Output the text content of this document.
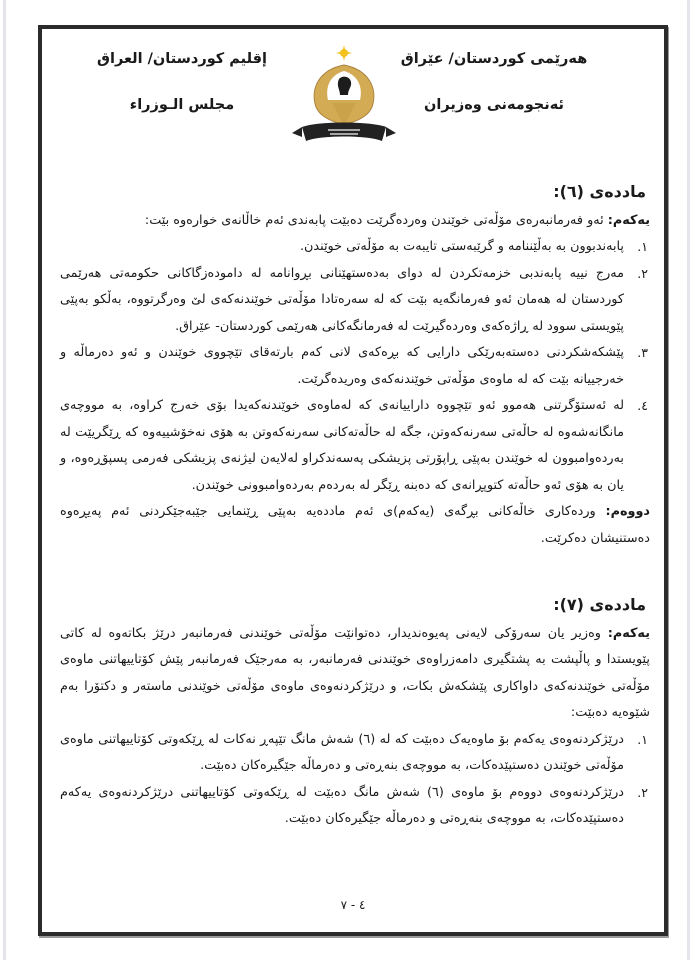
هەرێمی کوردستان/ عێراق
ئەنجومەنی وەزیران
إقليم كوردستان/ العراق
مجلس الـوزراء
ماددەی (٦):

یەکەم: ئەو فەرمانبەرەی مۆڵەتی خوێندن وەردەگرێت دەبێت پابەندی ئەم خاڵانەی خوارەوە بێت:

١.
پابەندبوون بە بەڵێننامە و گرێبەستی تایبەت بە مۆڵەتی خوێندن.
٢.
مەرج نییە پابەندبی خزمەتکردن لە دوای بەدەستهێنانی بڕوانامە لە دامودەزگاکانی حکومەتی هەرێمی کوردستان لە هەمان ئەو فەرمانگەیە بێت کە لە سەرەتادا مۆڵەتی خوێندنەکەی لێ وەرگرتووە، بەڵکو بەپێی پێویستی سوود لە ڕاژەکەی وەردەگیرێت لە فەرمانگەکانی هەرێمی کوردستان- عێراق.
٣.
پێشکەشکردنی دەستەبەرێکی دارایی کە بڕەکەی لانی کەم بارتەقای تێچووی خوێندن و ئەو دەرماڵە و خەرجییانە بێت کە لە ماوەی مۆڵەتی خوێندنەکەی وەریدەگرێت.
٤.
لە ئەستۆگرتنی هەموو ئەو تێچووە داراییانەی کە لەماوەی خوێندنەکەیدا بۆی خەرج کراوە، بە مووچەی مانگانەشەوە لە حاڵەتی سەرنەکەوتن، جگە لە حاڵەتەکانی سەرنەکەوتن بە هۆی نەخۆشییەوە کە ڕێگریێت لە بەردەوامبوون لە خوێندن بەپێی ڕاپۆرتی پزیشکی پەسەندکراو لەلایەن لیژنەی پزیشکی فەرمی پسپۆڕەوە، و یان بە هۆی ئەو حاڵەتە کتوپڕانەی کە دەبنە ڕێگر لە بەردەم بەردەوامبوونی خوێندن.

دووەم: وردەکاری خاڵەکانی بڕگەی (یەکەم)ی ئەم ماددەیە بەپێی ڕێنمایی جێبەجێکردنی ئەم پەیڕەوە دەستنیشان دەکرێت.

ماددەی (٧):

یەکەم: وەزیر یان سەرۆکی لایەنی پەیوەندیدار، دەتوانێت مۆڵەتی خوێندنی فەرمانبەر درێژ بکاتەوە لە کاتی پێویستدا و پاڵپشت بە پشتگیری دامەزراوەی خوێندنی فەرمانبەر، بە مەرجێک فەرمانبەر پێش کۆتاییهاتنی ماوەی مۆڵەتی خوێندنەکەی داواکاری پێشکەش بکات، و درێژکردنەوەی ماوەی مۆڵەتی خوێندنی ماستەر و دکتۆرا بەم شێوەیە دەبێت:

١.
درێژکردنەوەی یەکەم بۆ ماوەیەک دەبێت کە لە (٦) شەش مانگ تێپەڕ نەکات لە ڕێکەوتی کۆتاییهاتنی ماوەی مۆڵەتی خوێندن دەستپێدەکات، بە مووچەی بنەڕەتی و دەرماڵە جێگیرەکان دەبێت.
٢.
درێژکردنەوەی دووەم بۆ ماوەی (٦) شەش مانگ دەبێت لە ڕێکەوتی کۆتاییهاتنی درێژکردنەوەی یەکەم دەستپێدەکات، بە مووچەی بنەڕەتی و دەرماڵە جێگیرەکان دەبێت.
٤ - ٧
